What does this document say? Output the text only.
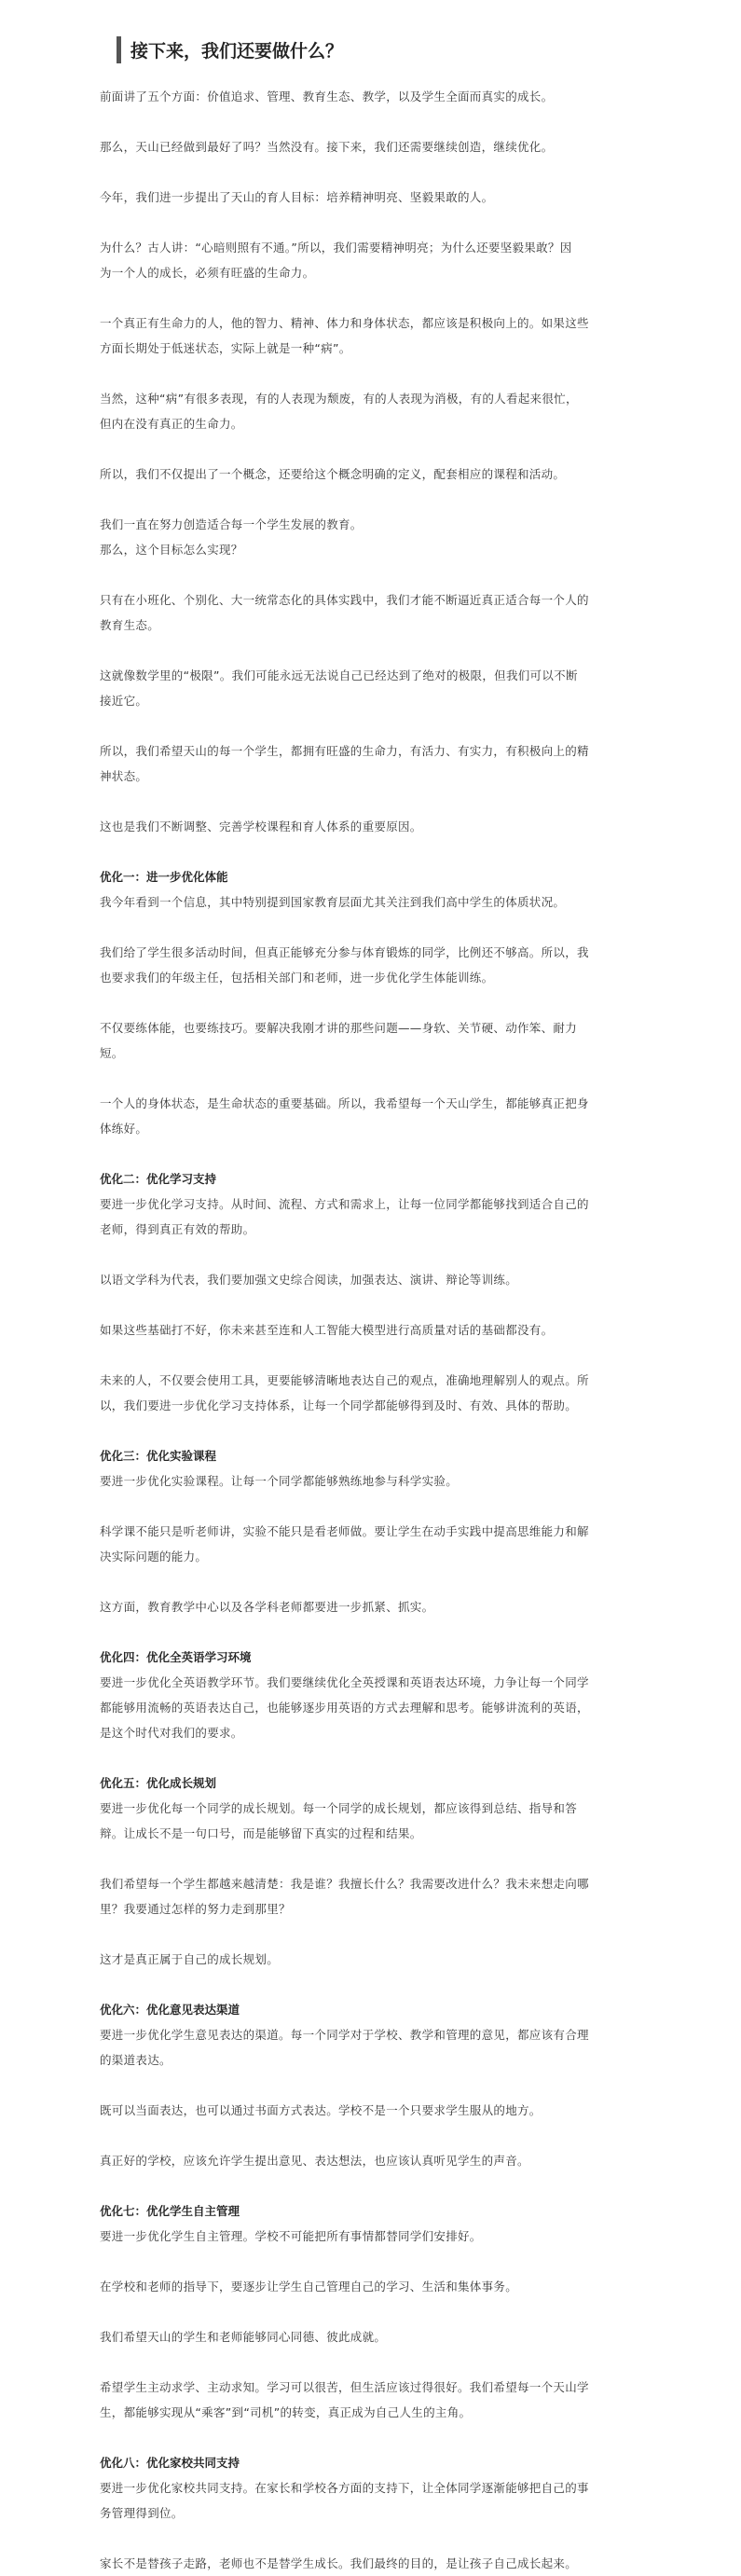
接下来，我们还要做什么？
前面讲了五个方面：价值追求、管理、教育生态、教学，以及学生全面而真实的成长。
那么，天山已经做到最好了吗？当然没有。接下来，我们还需要继续创造，继续优化。
今年，我们进一步提出了天山的育人目标：培养精神明亮、坚毅果敢的人。
为什么？古人讲：“心暗则照有不通。”所以，我们需要精神明亮；为什么还要坚毅果敢？因
为一个人的成长，必须有旺盛的生命力。
一个真正有生命力的人，他的智力、精神、体力和身体状态，都应该是积极向上的。如果这些
方面长期处于低迷状态，实际上就是一种“病”。
当然，这种“病”有很多表现，有的人表现为颓废，有的人表现为消极，有的人看起来很忙，
但内在没有真正的生命力。
所以，我们不仅提出了一个概念，还要给这个概念明确的定义，配套相应的课程和活动。
我们一直在努力创造适合每一个学生发展的教育。
那么，这个目标怎么实现？
只有在小班化、个别化、大一统常态化的具体实践中，我们才能不断逼近真正适合每一个人的
教育生态。
这就像数学里的“极限”。我们可能永远无法说自己已经达到了绝对的极限，但我们可以不断
接近它。
所以，我们希望天山的每一个学生，都拥有旺盛的生命力，有活力、有实力，有积极向上的精
神状态。
这也是我们不断调整、完善学校课程和育人体系的重要原因。
优化一：进一步优化体能
我今年看到一个信息，其中特别提到国家教育层面尤其关注到我们高中学生的体质状况。
我们给了学生很多活动时间，但真正能够充分参与体育锻炼的同学，比例还不够高。所以，我
也要求我们的年级主任，包括相关部门和老师，进一步优化学生体能训练。
不仅要练体能，也要练技巧。要解决我刚才讲的那些问题——身软、关节硬、动作笨、耐力
短。
一个人的身体状态，是生命状态的重要基础。所以，我希望每一个天山学生，都能够真正把身
体练好。
优化二：优化学习支持
要进一步优化学习支持。从时间、流程、方式和需求上，让每一位同学都能够找到适合自己的
老师，得到真正有效的帮助。
以语文学科为代表，我们要加强文史综合阅读，加强表达、演讲、辩论等训练。
如果这些基础打不好，你未来甚至连和人工智能大模型进行高质量对话的基础都没有。
未来的人，不仅要会使用工具，更要能够清晰地表达自己的观点，准确地理解别人的观点。所
以，我们要进一步优化学习支持体系，让每一个同学都能够得到及时、有效、具体的帮助。
优化三：优化实验课程
要进一步优化实验课程。让每一个同学都能够熟练地参与科学实验。
科学课不能只是听老师讲，实验不能只是看老师做。要让学生在动手实践中提高思维能力和解
决实际问题的能力。
这方面，教育教学中心以及各学科老师都要进一步抓紧、抓实。
优化四：优化全英语学习环境
要进一步优化全英语教学环节。我们要继续优化全英授课和英语表达环境，力争让每一个同学
都能够用流畅的英语表达自己，也能够逐步用英语的方式去理解和思考。能够讲流利的英语，
是这个时代对我们的要求。
优化五：优化成长规划
要进一步优化每一个同学的成长规划。每一个同学的成长规划，都应该得到总结、指导和答
辩。让成长不是一句口号，而是能够留下真实的过程和结果。
我们希望每一个学生都越来越清楚：我是谁？我擅长什么？我需要改进什么？我未来想走向哪
里？我要通过怎样的努力走到那里？
这才是真正属于自己的成长规划。
优化六：优化意见表达渠道
要进一步优化学生意见表达的渠道。每一个同学对于学校、教学和管理的意见，都应该有合理
的渠道表达。
既可以当面表达，也可以通过书面方式表达。学校不是一个只要求学生服从的地方。
真正好的学校，应该允许学生提出意见、表达想法，也应该认真听见学生的声音。
优化七：优化学生自主管理
要进一步优化学生自主管理。学校不可能把所有事情都替同学们安排好。
在学校和老师的指导下，要逐步让学生自己管理自己的学习、生活和集体事务。
我们希望天山的学生和老师能够同心同德、彼此成就。
希望学生主动求学、主动求知。学习可以很苦，但生活应该过得很好。我们希望每一个天山学
生，都能够实现从“乘客”到“司机”的转变，真正成为自己人生的主角。
优化八：优化家校共同支持
要进一步优化家校共同支持。在家长和学校各方面的支持下，让全体同学逐渐能够把自己的事
务管理得到位。
家长不是替孩子走路，老师也不是替学生成长。我们最终的目的，是让孩子自己成长起来。
